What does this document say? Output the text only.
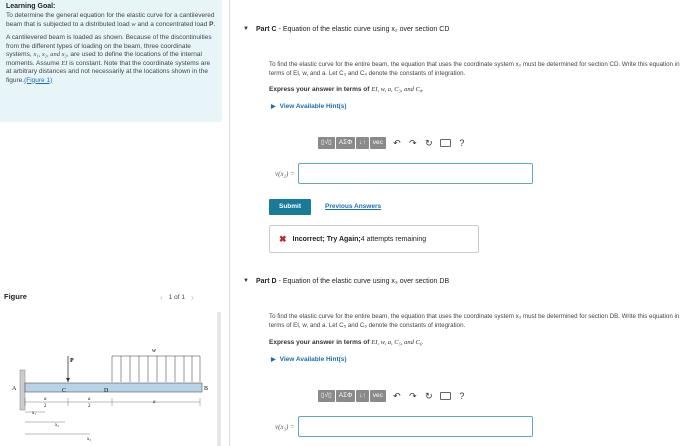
Learning Goal:

To determine the general equation for the elastic curve for a cantilevered beam that is subjected to a distributed load w and a concentrated load P.

A cantilevered beam is loaded as shown. Because of the discontinuities from the different types of loading on the beam, three coordinate systems, x₁, x₂, and x₃, are used to define the locations of the internal moments. Assume EI is constant. Note that the coordinate systems are at arbitrary distances and not necessarily at the locations shown in the figure.(Figure 1)

Figure	‹ 1 of 1 ›
P
w
A	B
C	D
a
2
a
2
a
x₁
x₂
x₃
▼ Part C - Equation of the elastic curve using x₂ over section CD
To find the elastic curve for the entire beam, the equation that uses the coordinate system x₂ must be determined for section CD. Write this equation in terms of EI, w, and a. Let C₃ and C₄ denote the constants of integration.
Express your answer in terms of EI, w, a, C₃, and C₄.
▶ View Available Hint(s)
▯√▯	ΑΣΦ	↓↑	vec	↶ ↷ ↻	?
v(x₂) =
Submit	Previous Answers
✖ Incorrect; Try Again; 4 attempts remaining
▼ Part D - Equation of the elastic curve using x₃ over section DB
To find the elastic curve for the entire beam, the equation that uses the coordinate system x₃ must be determined for section DB. Write this equation in terms of EI, w, and a. Let C₅ and C₆ denote the constants of integration.
Express your answer in terms of EI, w, a, C₅, and C₆.
▶ View Available Hint(s)
▯√▯	ΑΣΦ	↓↑	vec	↶ ↷ ↻	?
v(x₃) =
